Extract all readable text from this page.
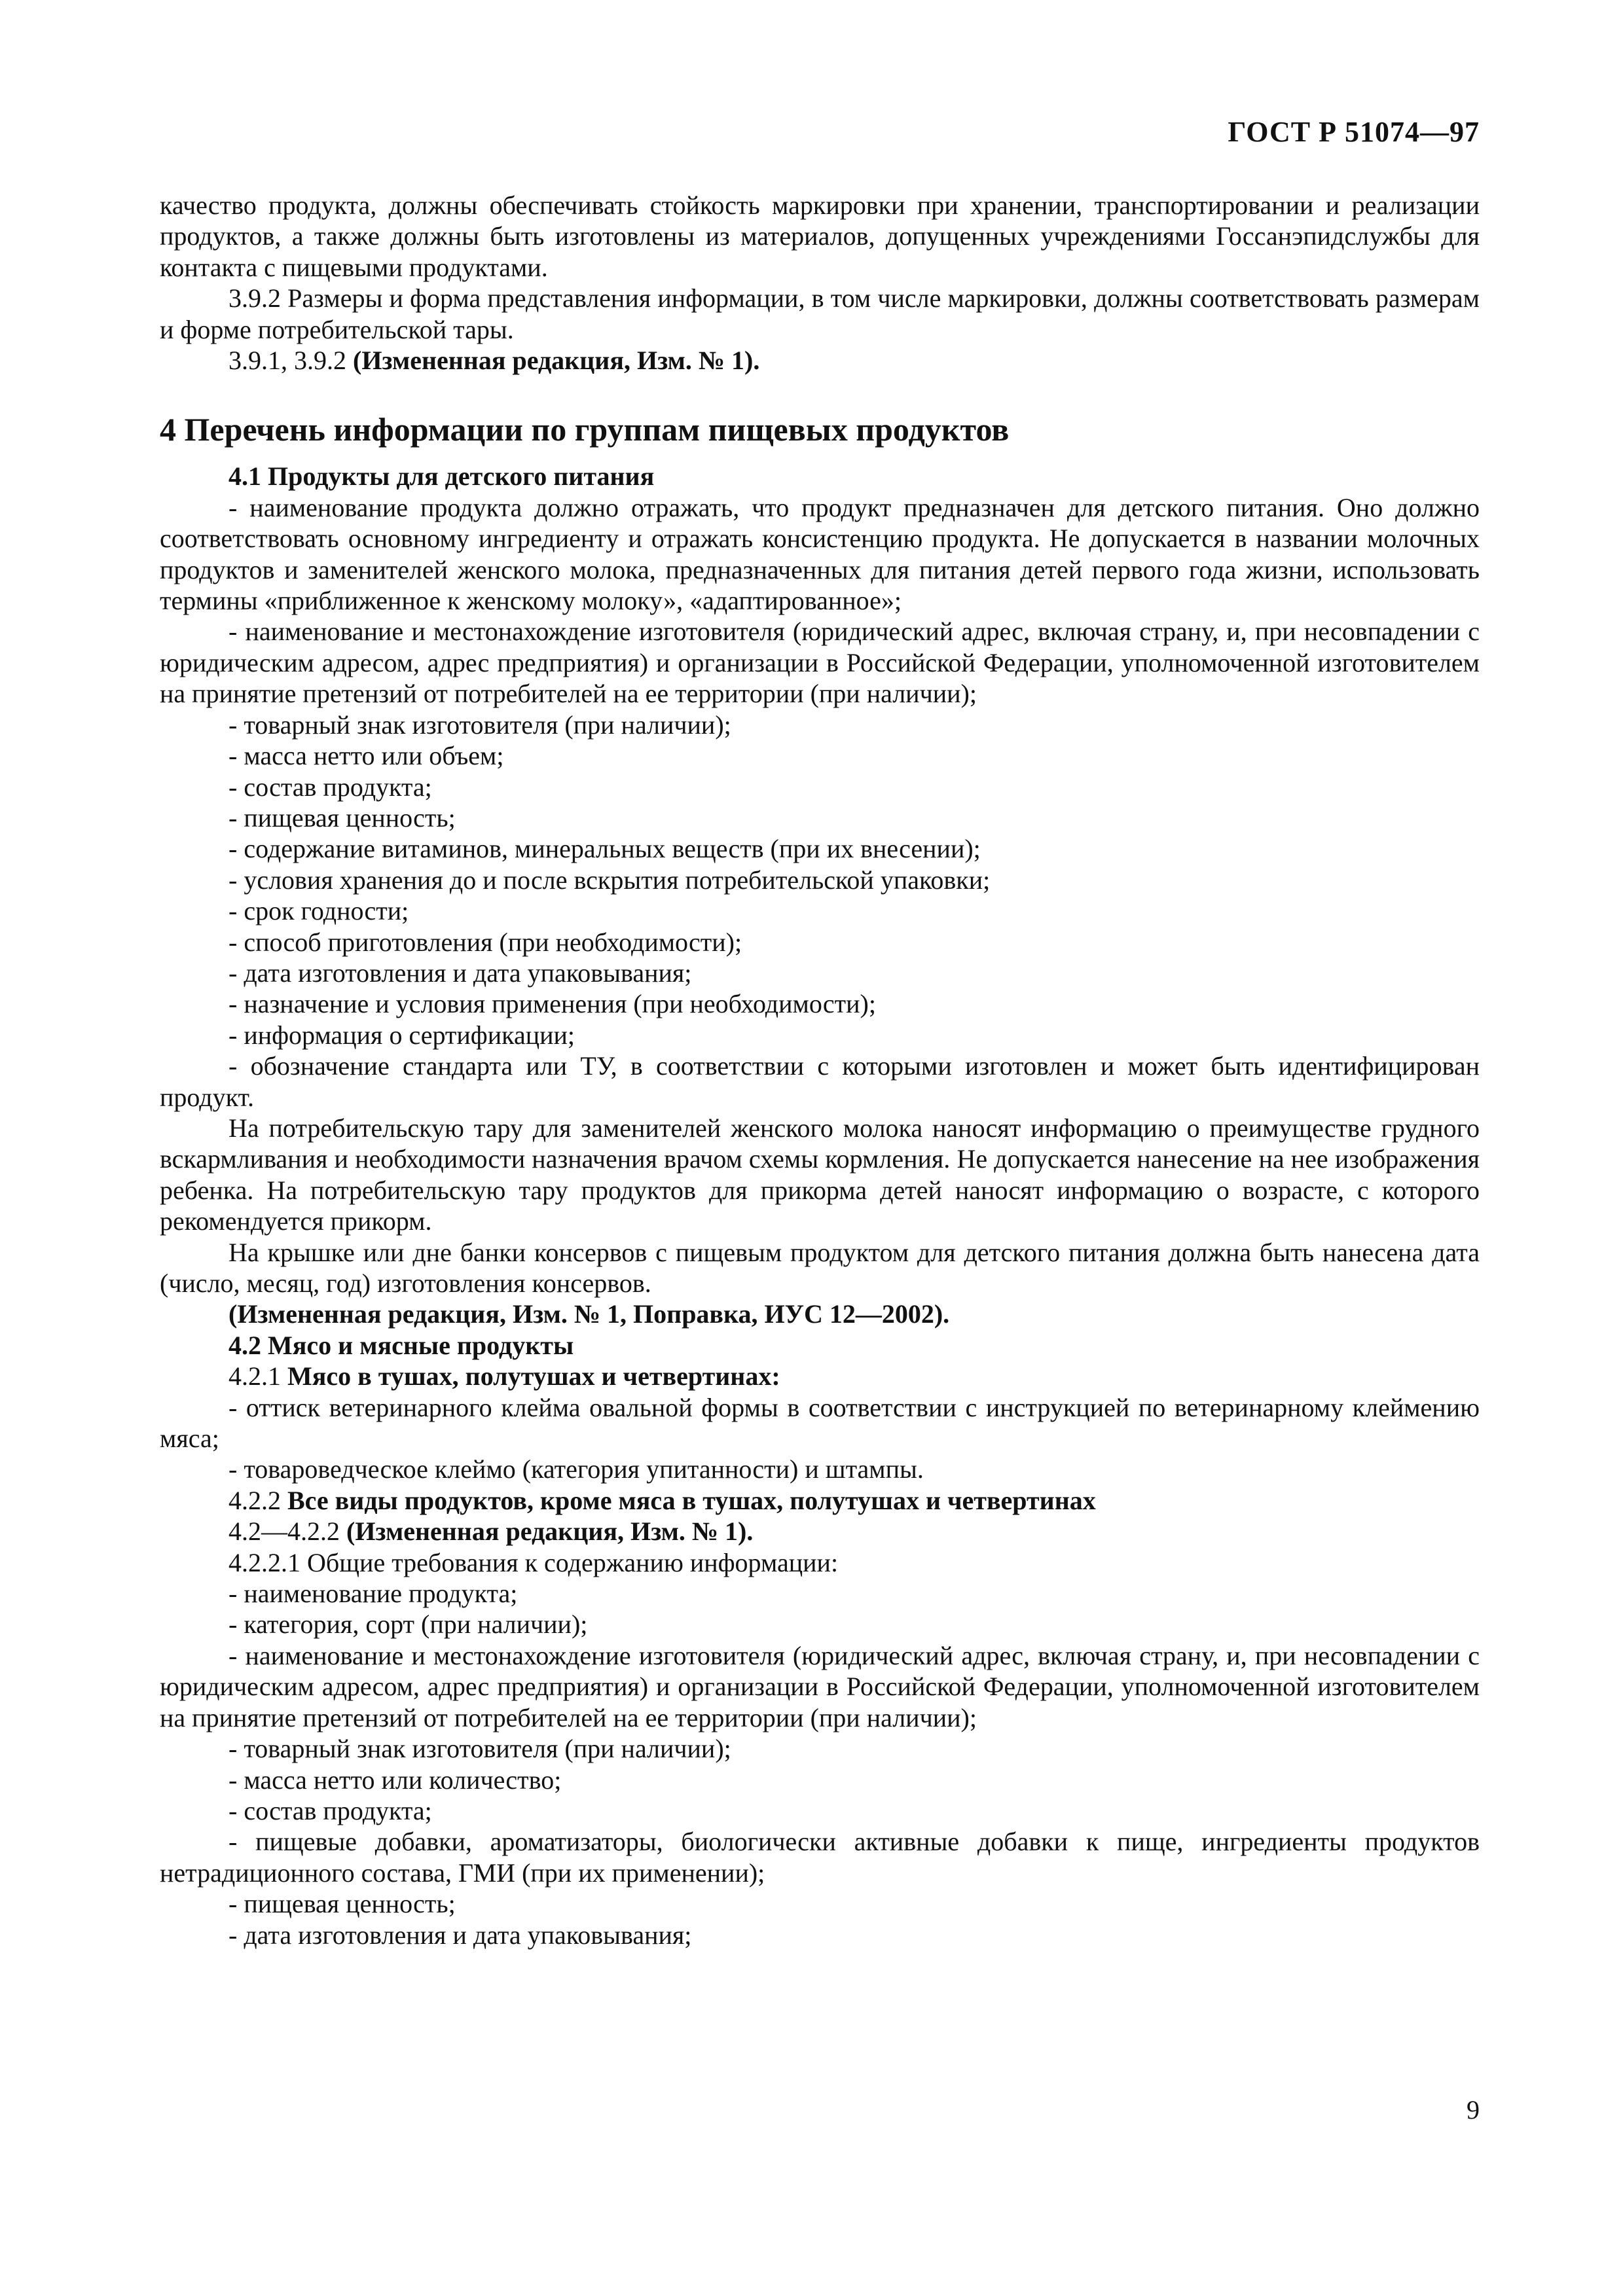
ГОСТ Р 51074—97

качество продукта, должны обеспечивать стойкость маркировки при хранении, транспортировании и реализации продуктов, а также должны быть изготовлены из материалов, допущенных учреждениями Госсанэпидслужбы для контакта с пищевыми продуктами.

3.9.2 Размеры и форма представления информации, в том числе маркировки, должны соответствовать размерам и форме потребительской тары.

3.9.1, 3.9.2 (Измененная редакция, Изм. № 1).

4 Перечень информации по группам пищевых продуктов

4.1 Продукты для детского питания

- наименование продукта должно отражать, что продукт предназначен для детского питания. Оно должно соответствовать основному ингредиенту и отражать консистенцию продукта. Не допускается в названии молочных продуктов и заменителей женского молока, предназначенных для питания детей первого года жизни, использовать термины «приближенное к женскому молоку», «адаптированное»;

- наименование и местонахождение изготовителя (юридический адрес, включая страну, и, при несовпадении с юридическим адресом, адрес предприятия) и организации в Российской Федерации, уполномоченной изготовителем на принятие претензий от потребителей на ее территории (при наличии);

- товарный знак изготовителя (при наличии);

- масса нетто или объем;

- состав продукта;

- пищевая ценность;

- содержание витаминов, минеральных веществ (при их внесении);

- условия хранения до и после вскрытия потребительской упаковки;

- срок годности;

- способ приготовления (при необходимости);

- дата изготовления и дата упаковывания;

- назначение и условия применения (при необходимости);

- информация о сертификации;

- обозначение стандарта или ТУ, в соответствии с которыми изготовлен и может быть идентифицирован продукт.

На потребительскую тару для заменителей женского молока наносят информацию о преимуществе грудного вскармливания и необходимости назначения врачом схемы кормления. Не допускается нанесение на нее изображения ребенка. На потребительскую тару продуктов для прикорма детей наносят информацию о возрасте, с которого рекомендуется прикорм.

На крышке или дне банки консервов с пищевым продуктом для детского питания должна быть нанесена дата (число, месяц, год) изготовления консервов.

(Измененная редакция, Изм. № 1, Поправка, ИУС 12—2002).

4.2 Мясо и мясные продукты

4.2.1 Мясо в тушах, полутушах и четвертинах:

- оттиск ветеринарного клейма овальной формы в соответствии с инструкцией по ветеринарному клеймению мяса;

- товароведческое клеймо (категория упитанности) и штампы.

4.2.2 Все виды продуктов, кроме мяса в тушах, полутушах и четвертинах

4.2—4.2.2 (Измененная редакция, Изм. № 1).

4.2.2.1 Общие требования к содержанию информации:

- наименование продукта;

- категория, сорт (при наличии);

- наименование и местонахождение изготовителя (юридический адрес, включая страну, и, при несовпадении с юридическим адресом, адрес предприятия) и организации в Российской Федерации, уполномоченной изготовителем на принятие претензий от потребителей на ее территории (при наличии);

- товарный знак изготовителя (при наличии);

- масса нетто или количество;

- состав продукта;

- пищевые добавки, ароматизаторы, биологически активные добавки к пище, ингредиенты продуктов нетрадиционного состава, ГМИ (при их применении);

- пищевая ценность;

- дата изготовления и дата упаковывания;

9
